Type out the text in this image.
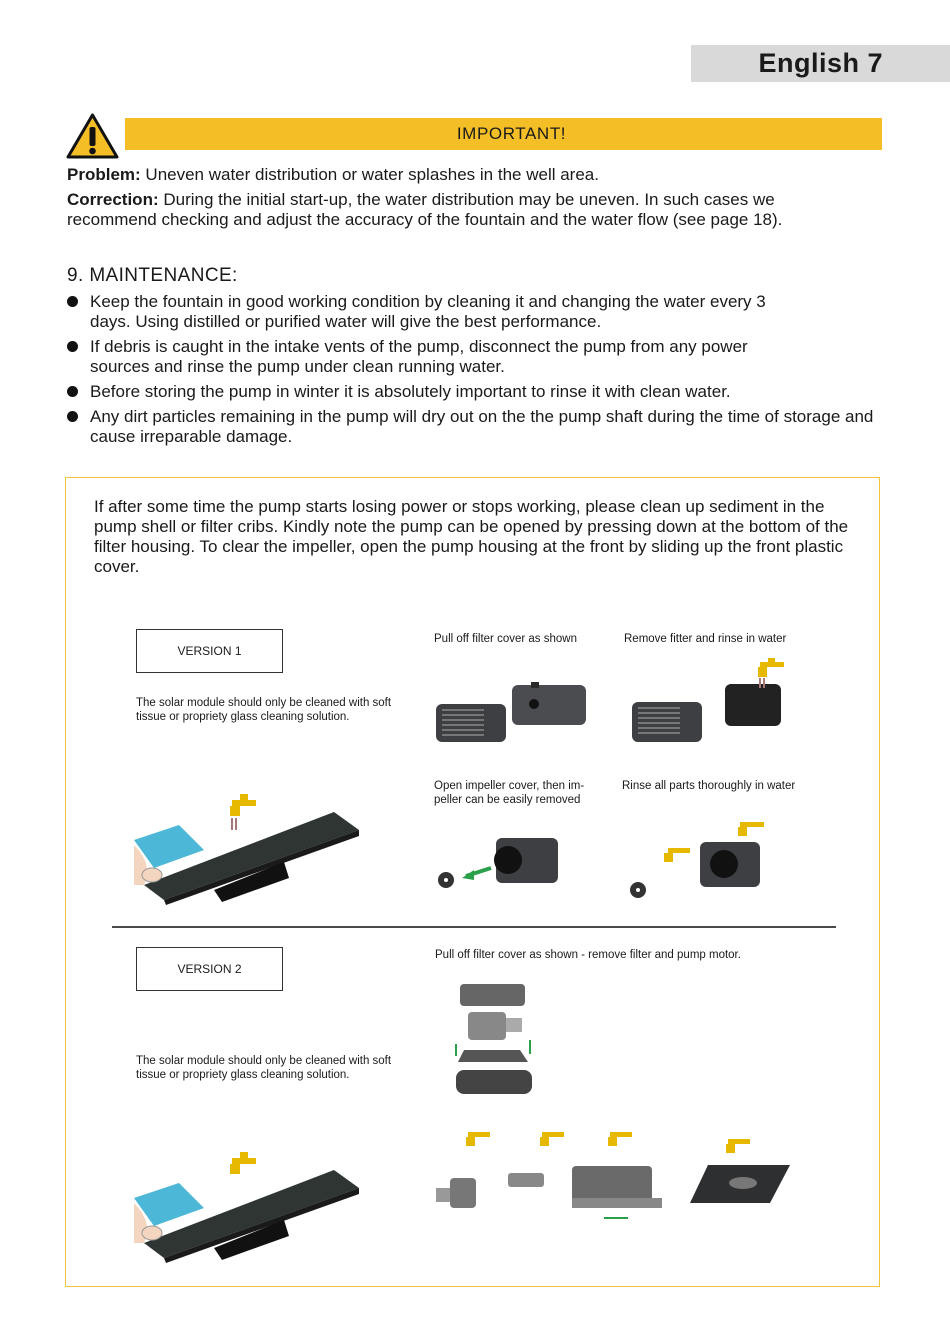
English 7
IMPORTANT!
Problem: Uneven water distribution or water splashes in the well area.
Correction: During the initial start-up, the water distribution may be uneven. In such cases we recommend checking and adjust the accuracy of the fountain and the water flow (see page 18).
9. MAINTENANCE:
Keep the fountain in good working condition by cleaning it and changing the water every 3 days. Using distilled or purified water will give the best performance.
If debris is caught in the intake vents of the pump, disconnect the pump from any power sources and rinse the pump under clean running water.
Before storing the pump in winter it is absolutely important to rinse it with clean water.
Any dirt particles remaining in the pump will dry out on the the pump shaft during the time of storage and cause irreparable damage.
If after some time the pump starts losing power or stops working, please clean up sediment in the pump shell or filter cribs. Kindly note the pump can be opened by pressing down at the bottom of the filter housing. To clear the impeller, open the pump housing at the front by sliding up the front plastic cover.
VERSION 1
The solar module should only be cleaned with soft tissue or propriety glass cleaning solution.
Pull off filter cover as shown	Remove fitter and rinse in water
Open impeller cover, then im-
peller can be easily removed
Rinse all parts thoroughly in water
VERSION 2
The solar module should only be cleaned with soft tissue or propriety glass cleaning solution.
Pull off filter cover as shown - remove filter and pump motor.
